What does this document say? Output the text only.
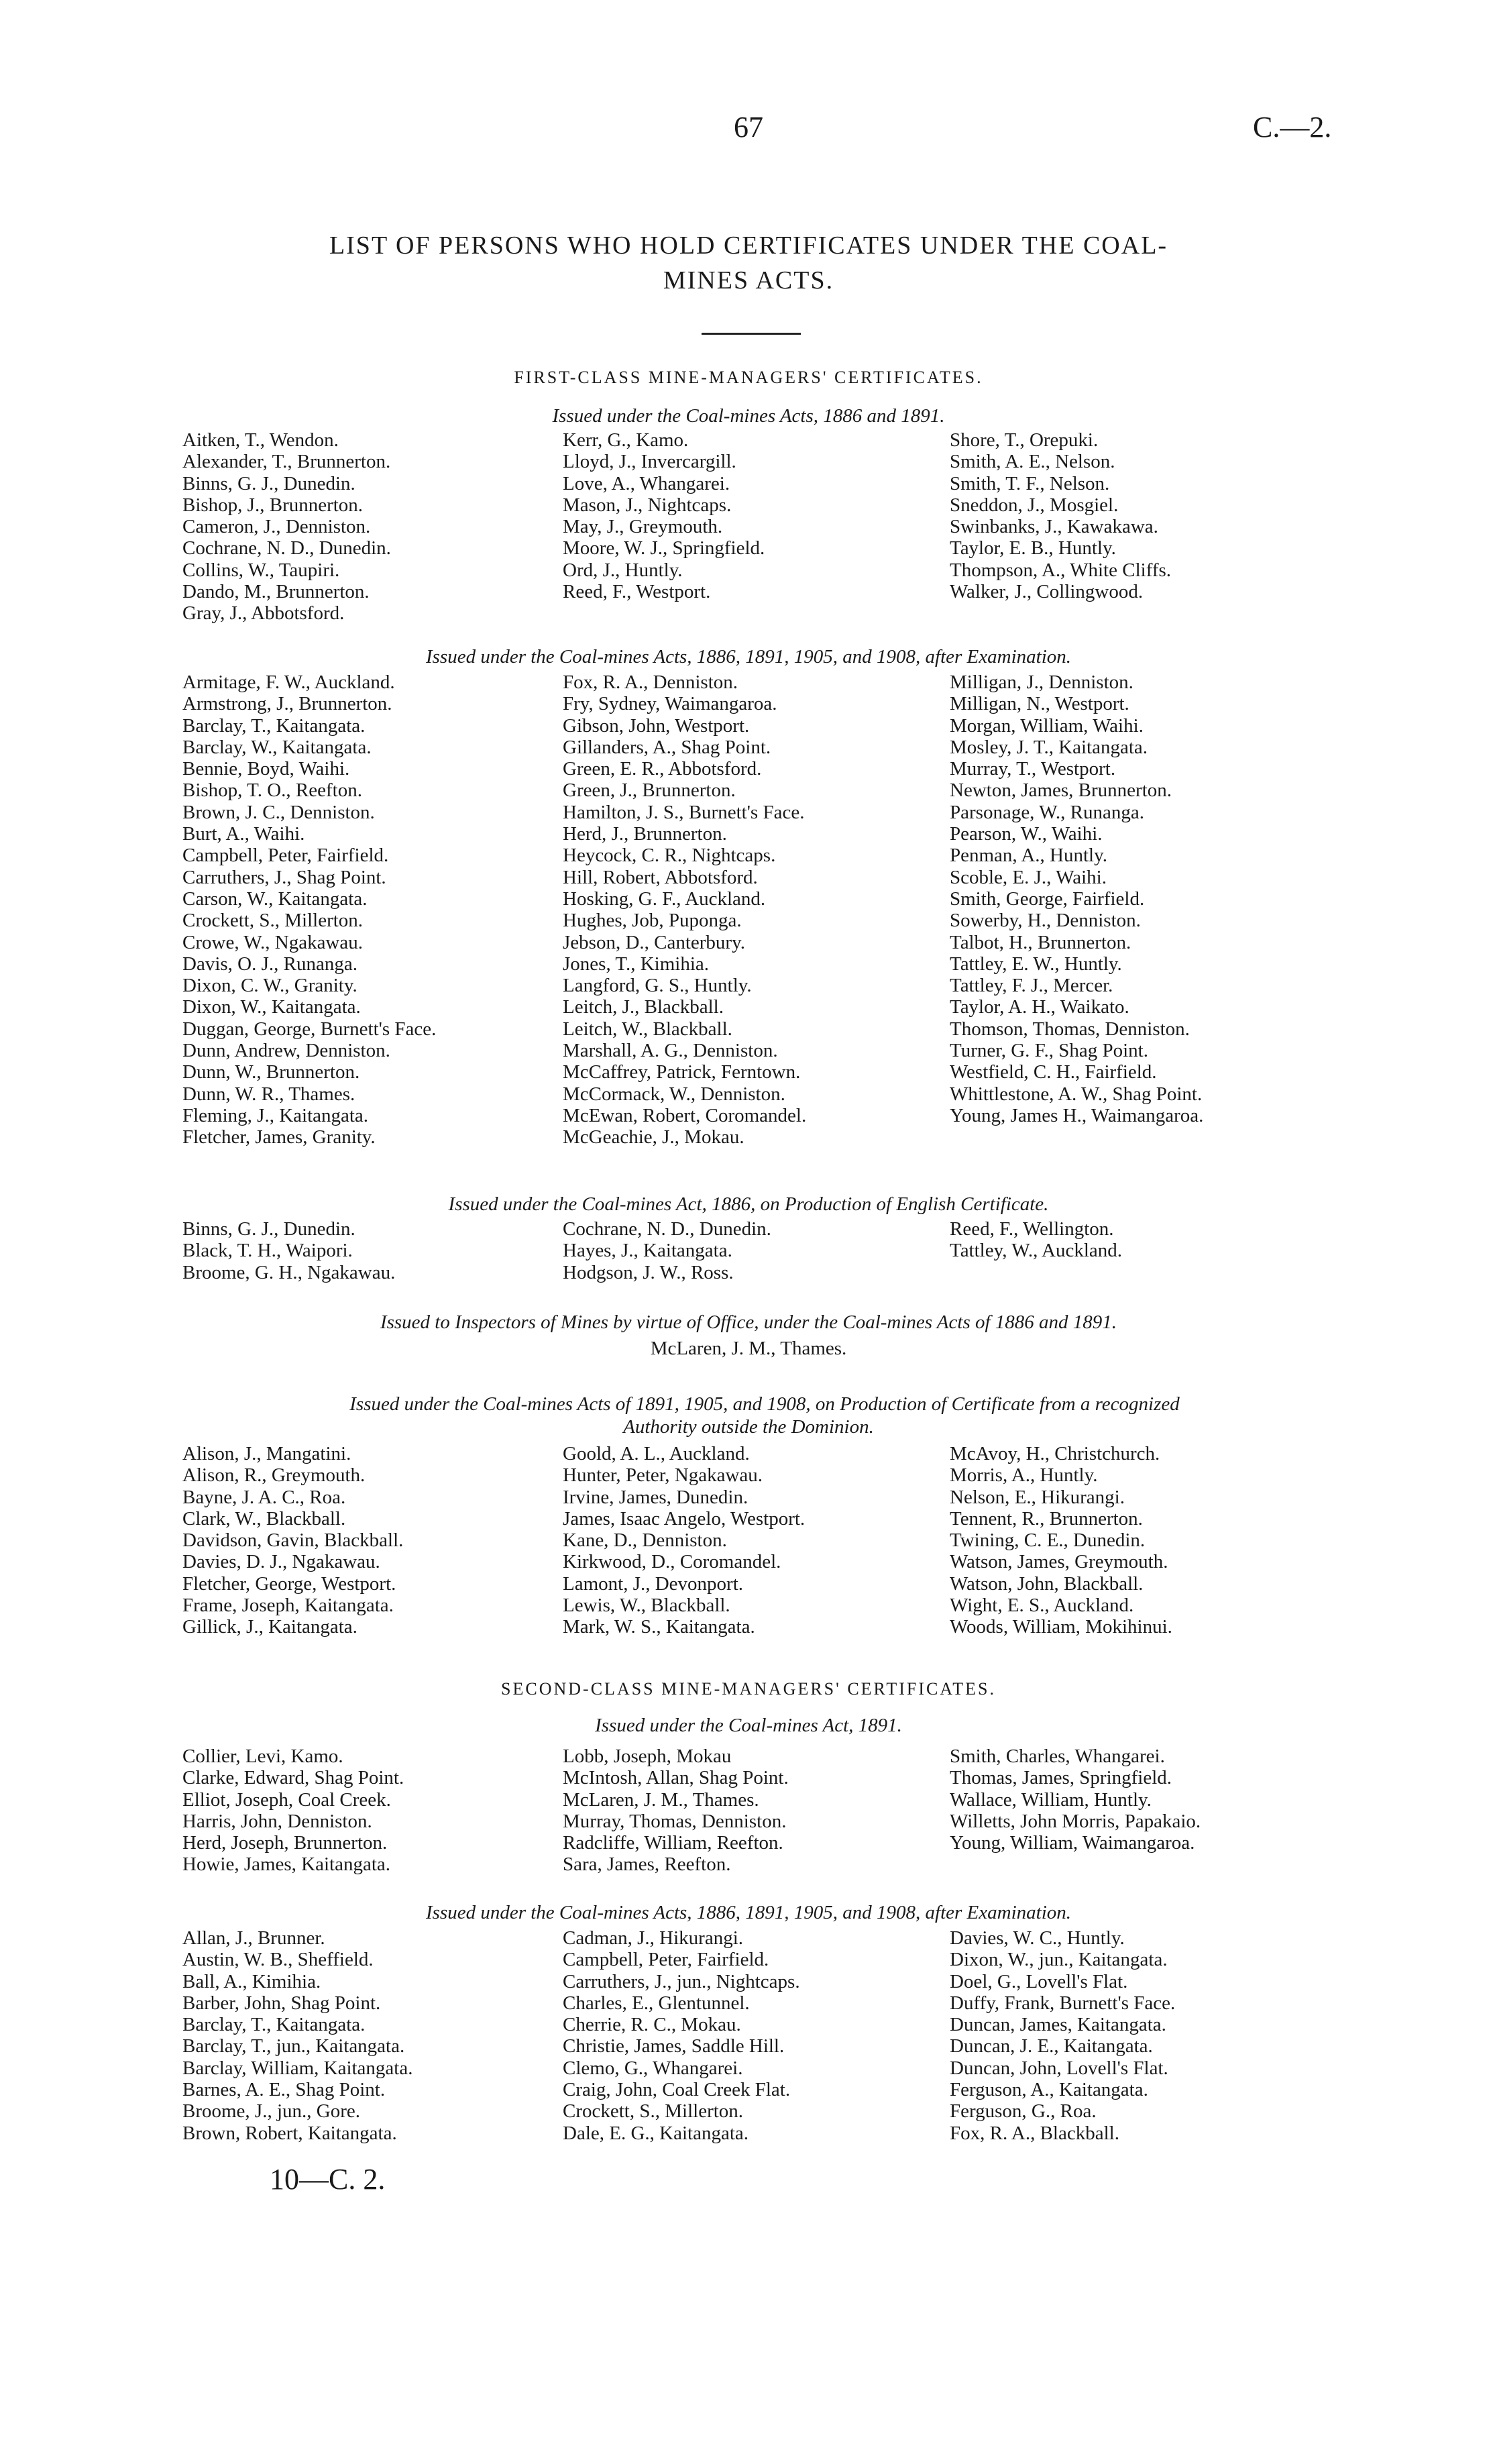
67	C.—2.
LIST OF PERSONS WHO HOLD CERTIFICATES UNDER THE COAL-
MINES ACTS.
FIRST-CLASS MINE-MANAGERS' CERTIFICATES.
Issued under the Coal-mines Acts, 1886 and 1891.
Aitken, T., Wendon.
Alexander, T., Brunnerton.
Binns, G. J., Dunedin.
Bishop, J., Brunnerton.
Cameron, J., Denniston.
Cochrane, N. D., Dunedin.
Collins, W., Taupiri.
Dando, M., Brunnerton.
Gray, J., Abbotsford.
Kerr, G., Kamo.
Lloyd, J., Invercargill.
Love, A., Whangarei.
Mason, J., Nightcaps.
May, J., Greymouth.
Moore, W. J., Springfield.
Ord, J., Huntly.
Reed, F., Westport.
Shore, T., Orepuki.
Smith, A. E., Nelson.
Smith, T. F., Nelson.
Sneddon, J., Mosgiel.
Swinbanks, J., Kawakawa.
Taylor, E. B., Huntly.
Thompson, A., White Cliffs.
Walker, J., Collingwood.
Issued under the Coal-mines Acts, 1886, 1891, 1905, and 1908, after Examination.
Armitage, F. W., Auckland.
Armstrong, J., Brunnerton.
Barclay, T., Kaitangata.
Barclay, W., Kaitangata.
Bennie, Boyd, Waihi.
Bishop, T. O., Reefton.
Brown, J. C., Denniston.
Burt, A., Waihi.
Campbell, Peter, Fairfield.
Carruthers, J., Shag Point.
Carson, W., Kaitangata.
Crockett, S., Millerton.
Crowe, W., Ngakawau.
Davis, O. J., Runanga.
Dixon, C. W., Granity.
Dixon, W., Kaitangata.
Duggan, George, Burnett's Face.
Dunn, Andrew, Denniston.
Dunn, W., Brunnerton.
Dunn, W. R., Thames.
Fleming, J., Kaitangata.
Fletcher, James, Granity.
Fox, R. A., Denniston.
Fry, Sydney, Waimangaroa.
Gibson, John, Westport.
Gillanders, A., Shag Point.
Green, E. R., Abbotsford.
Green, J., Brunnerton.
Hamilton, J. S., Burnett's Face.
Herd, J., Brunnerton.
Heycock, C. R., Nightcaps.
Hill, Robert, Abbotsford.
Hosking, G. F., Auckland.
Hughes, Job, Puponga.
Jebson, D., Canterbury.
Jones, T., Kimihia.
Langford, G. S., Huntly.
Leitch, J., Blackball.
Leitch, W., Blackball.
Marshall, A. G., Denniston.
McCaffrey, Patrick, Ferntown.
McCormack, W., Denniston.
McEwan, Robert, Coromandel.
McGeachie, J., Mokau.
Milligan, J., Denniston.
Milligan, N., Westport.
Morgan, William, Waihi.
Mosley, J. T., Kaitangata.
Murray, T., Westport.
Newton, James, Brunnerton.
Parsonage, W., Runanga.
Pearson, W., Waihi.
Penman, A., Huntly.
Scoble, E. J., Waihi.
Smith, George, Fairfield.
Sowerby, H., Denniston.
Talbot, H., Brunnerton.
Tattley, E. W., Huntly.
Tattley, F. J., Mercer.
Taylor, A. H., Waikato.
Thomson, Thomas, Denniston.
Turner, G. F., Shag Point.
Westfield, C. H., Fairfield.
Whittlestone, A. W., Shag Point.
Young, James H., Waimangaroa.
Issued under the Coal-mines Act, 1886, on Production of English Certificate.
Binns, G. J., Dunedin.
Black, T. H., Waipori.
Broome, G. H., Ngakawau.
Cochrane, N. D., Dunedin.
Hayes, J., Kaitangata.
Hodgson, J. W., Ross.
Reed, F., Wellington.
Tattley, W., Auckland.
Issued to Inspectors of Mines by virtue of Office, under the Coal-mines Acts of 1886 and 1891.
McLaren, J. M., Thames.
Issued under the Coal-mines Acts of 1891, 1905, and 1908, on Production of Certificate from a recognized
Authority outside the Dominion.
Alison, J., Mangatini.
Alison, R., Greymouth.
Bayne, J. A. C., Roa.
Clark, W., Blackball.
Davidson, Gavin, Blackball.
Davies, D. J., Ngakawau.
Fletcher, George, Westport.
Frame, Joseph, Kaitangata.
Gillick, J., Kaitangata.
Goold, A. L., Auckland.
Hunter, Peter, Ngakawau.
Irvine, James, Dunedin.
James, Isaac Angelo, Westport.
Kane, D., Denniston.
Kirkwood, D., Coromandel.
Lamont, J., Devonport.
Lewis, W., Blackball.
Mark, W. S., Kaitangata.
McAvoy, H., Christchurch.
Morris, A., Huntly.
Nelson, E., Hikurangi.
Tennent, R., Brunnerton.
Twining, C. E., Dunedin.
Watson, James, Greymouth.
Watson, John, Blackball.
Wight, E. S., Auckland.
Woods, William, Mokihinui.
SECOND-CLASS MINE-MANAGERS' CERTIFICATES.
Issued under the Coal-mines Act, 1891.
Collier, Levi, Kamo.
Clarke, Edward, Shag Point.
Elliot, Joseph, Coal Creek.
Harris, John, Denniston.
Herd, Joseph, Brunnerton.
Howie, James, Kaitangata.
Lobb, Joseph, Mokau
McIntosh, Allan, Shag Point.
McLaren, J. M., Thames.
Murray, Thomas, Denniston.
Radcliffe, William, Reefton.
Sara, James, Reefton.
Smith, Charles, Whangarei.
Thomas, James, Springfield.
Wallace, William, Huntly.
Willetts, John Morris, Papakaio.
Young, William, Waimangaroa.
Issued under the Coal-mines Acts, 1886, 1891, 1905, and 1908, after Examination.
Allan, J., Brunner.
Austin, W. B., Sheffield.
Ball, A., Kimihia.
Barber, John, Shag Point.
Barclay, T., Kaitangata.
Barclay, T., jun., Kaitangata.
Barclay, William, Kaitangata.
Barnes, A. E., Shag Point.
Broome, J., jun., Gore.
Brown, Robert, Kaitangata.
Cadman, J., Hikurangi.
Campbell, Peter, Fairfield.
Carruthers, J., jun., Nightcaps.
Charles, E., Glentunnel.
Cherrie, R. C., Mokau.
Christie, James, Saddle Hill.
Clemo, G., Whangarei.
Craig, John, Coal Creek Flat.
Crockett, S., Millerton.
Dale, E. G., Kaitangata.
Davies, W. C., Huntly.
Dixon, W., jun., Kaitangata.
Doel, G., Lovell's Flat.
Duffy, Frank, Burnett's Face.
Duncan, James, Kaitangata.
Duncan, J. E., Kaitangata.
Duncan, John, Lovell's Flat.
Ferguson, A., Kaitangata.
Ferguson, G., Roa.
Fox, R. A., Blackball.
10—C. 2.
